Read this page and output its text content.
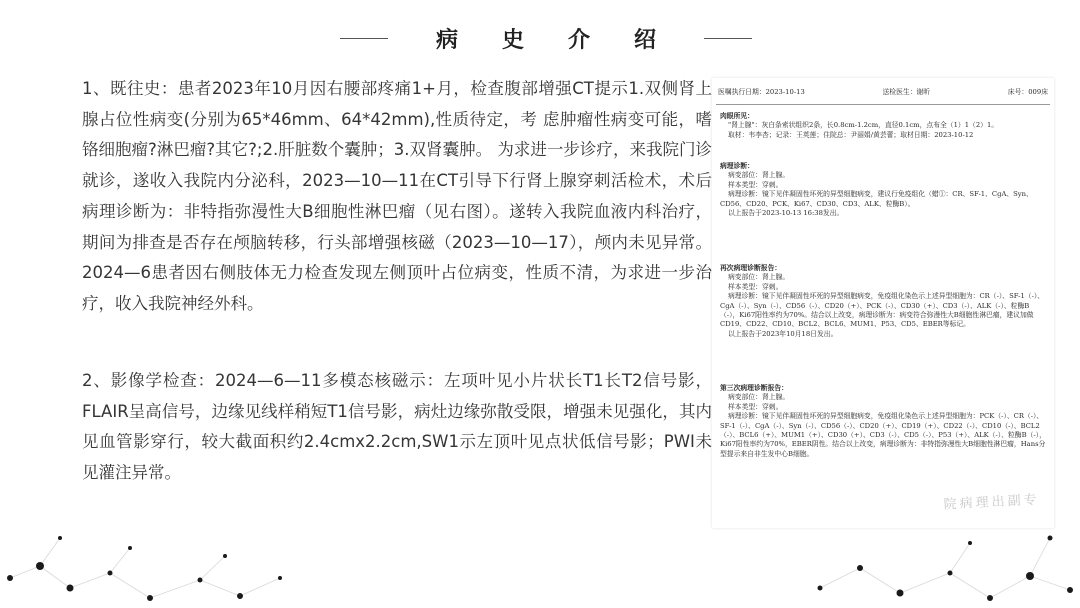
病史介绍
1、既往史：患者2023年10月因右腰部疼痛1+月，检查腹部增强CT提示1.双侧肾上腺占位性病变(分别为65*46mm、64*42mm),性质待定，考 虑肿瘤性病变可能，嗜铬细胞瘤?淋巴瘤?其它?;2.肝脏数个囊肿；3.双肾囊肿。 为求进一步诊疗，来我院门诊就诊，遂收入我院内分泌科，2023—10—11在CT引导下行肾上腺穿刺活检术，术后病理诊断为：非特指弥漫性大B细胞性淋巴瘤（见右图）。遂转入我院血液内科治疗，期间为排查是否存在颅脑转移，行头部增强核磁（2023—10—17），颅内未见异常。2024—6患者因右侧肢体无力检查发现左侧顶叶占位病变，性质不清，为求进一步治疗，收入我院神经外科。
2、影像学检查：2024—6—11多模态核磁示：左项叶见小片状长T1长T2信号影，FLAIR呈高信号，边缘见线样稍短T1信号影，病灶边缘弥散受限，增强未见强化，其内见血管影穿行，较大截面积约2.4cmx2.2cm,SW1示左顶叶见点状低信号影；PWI未见灌注异常。
医嘱执行日期：2023-10-13	送检医生：谢昕	床号：009床
肉眼所见：
"肾上腺"：灰白条索状组织2条，长0.8cm-1.2cm，直径0.1cm，点布全（1）1（2）1。
取材：韦李杏；记录：王英莲；住院总：尹丽娟/黄芸蕾；取材日期：2023-10-12
病理诊断：
病变部位：肾上腺。
样本类型：穿刺。
病理诊断：镜下见伴凝固性坏死的异型细胞病变，建议行免疫组化（蜡①：CR、SF-1、CgA、Syn、CD56、CD20、PCK、Ki67、CD30、CD3、ALK、粒酶B）。
以上报告于2023-10-13 16:38发出。
再次病理诊断报告：
病变部位：肾上腺。
样本类型：穿刺。
病理诊断：镜下见伴凝固性坏死的异型细胞病变，免疫组化染色示上述异型细胞为：CR（-）、SF-1（-）、CgA（-）、Syn（-）、CD56（-）、CD20（+）、PCK（-）、CD30（+）、CD3（-）、ALK（-）、粒酶B（-），Ki67阳性率约为70%。结合以上改变，病理诊断为：病变符合弥漫性大B细胞性淋巴瘤，建议加做CD19、CD22、CD10、BCL2、BCL6、MUM1、P53、CD5、EBER等标记。
以上报告于2023年10月18日发出。
第三次病理诊断报告：
病变部位：肾上腺。
样本类型：穿刺。
病理诊断：镜下见伴凝固性坏死的异型细胞病变，免疫组化染色示上述异型细胞为：PCK（-）、CR（-）、SF-1（-）、CgA（-）、Syn（-）、CD56（-）、CD20（+）、CD19（+）、CD22（-）、CD10（-）、BCL2（-）、BCL6（+）、MUM1（+）、CD30（+）、CD3（-）、CD5（-）、P53（+）、ALK（-）、粒酶B（-），Ki67阳性率约为70%，EBER阴性。结合以上改变，病理诊断为：非特指弥漫性大B细胞性淋巴瘤，Hans分型提示来自非生发中心B细胞。
院病理出副专
